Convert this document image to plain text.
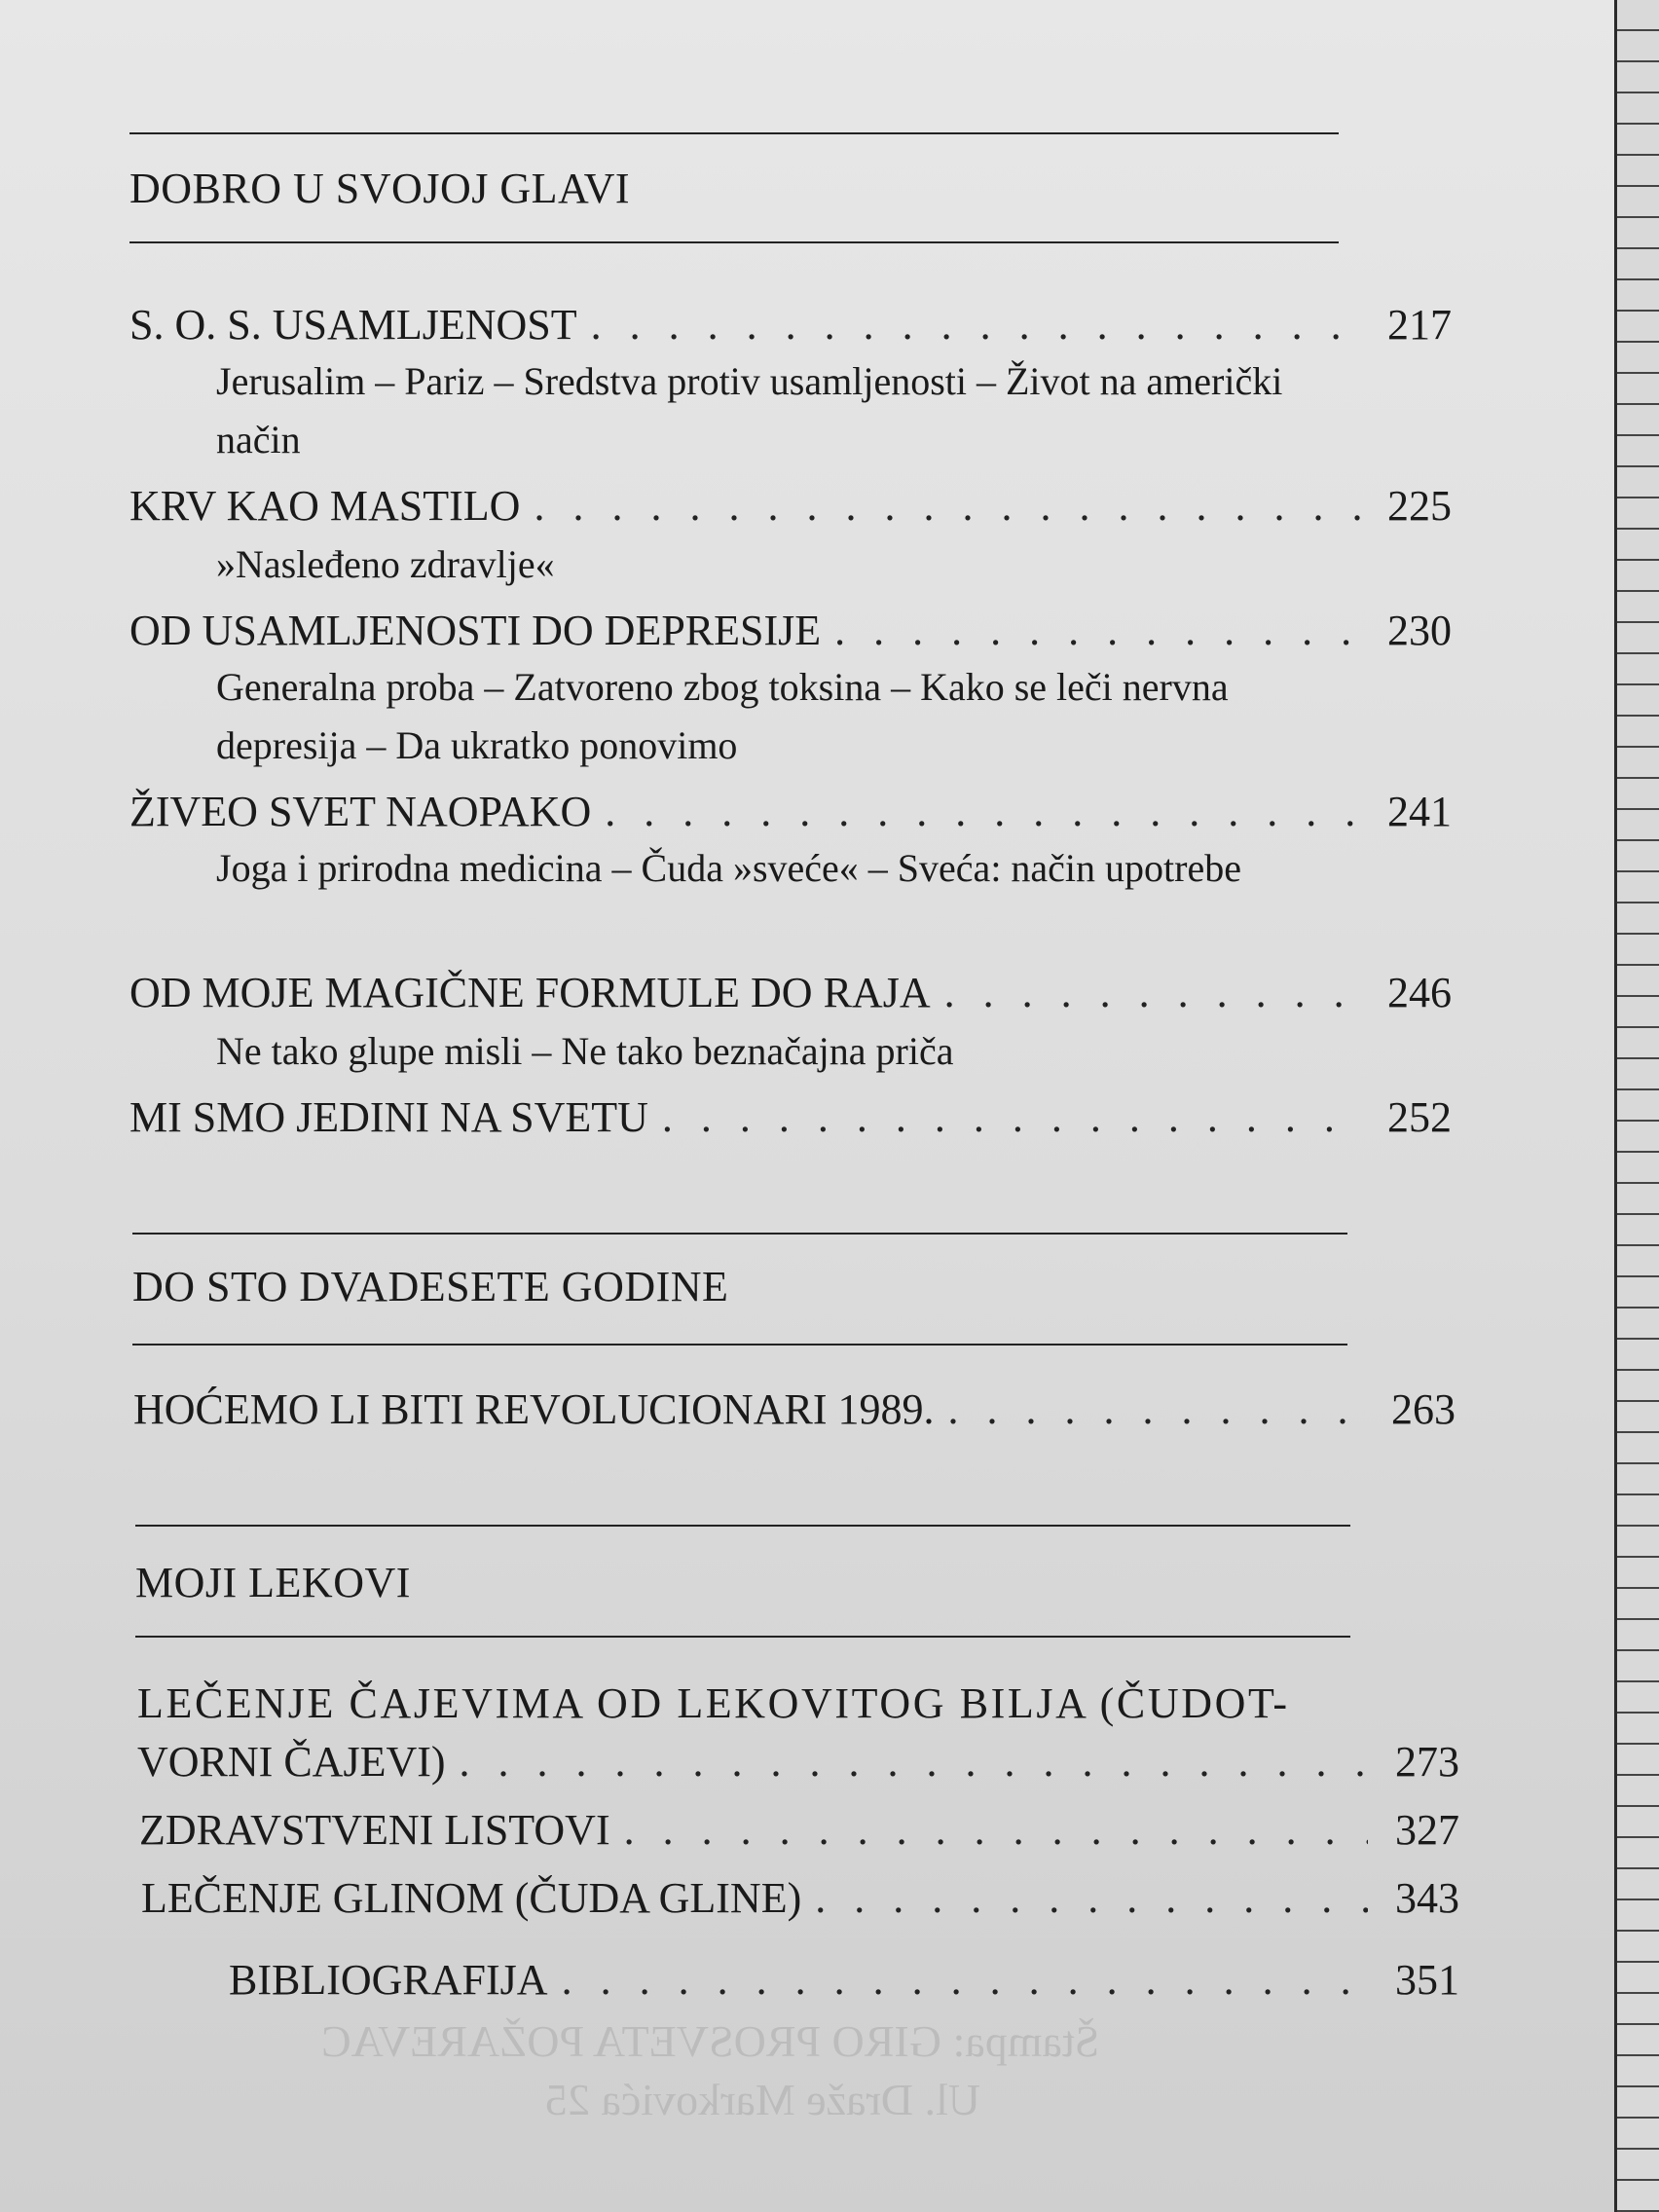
Štampa: GIRO PROSVETA POŽAREVAC
Ul. Draže Markovića 25
DOBRO U SVOJOJ GLAVI
S. O. S. USAMLJENOST . . .	217
Jerusalim – Pariz – Sredstva protiv usamljenosti – Život na američki način
KRV KAO MASTILO . . .	225
»Nasleđeno zdravlje«
OD USAMLJENOSTI DO DEPRESIJE . . .	230
Generalna proba – Zatvoreno zbog toksina – Kako se leči nervna depresija – Da ukratko ponovimo
ŽIVEO SVET NAOPAKO . . .	241
Joga i prirodna medicina – Čuda »sveće« – Sveća: način upotrebe
OD MOJE MAGIČNE FORMULE DO RAJA . . .	246
Ne tako glupe misli – Ne tako beznačajna priča
MI SMO JEDINI NA SVETU . . .	252
DO STO DVADESETE GODINE
HOĆEMO LI BITI REVOLUCIONARI 1989. . . .	263
MOJI LEKOVI
LEČENJE ČAJEVIMA OD LEKOVITOG BILJA (ČUDOT-
VORNI ČAJEVI) . . .	273
ZDRAVSTVENI LISTOVI . . .	327
LEČENJE GLINOM (ČUDA GLINE) . . .	343
BIBLIOGRAFIJA . . .	351
